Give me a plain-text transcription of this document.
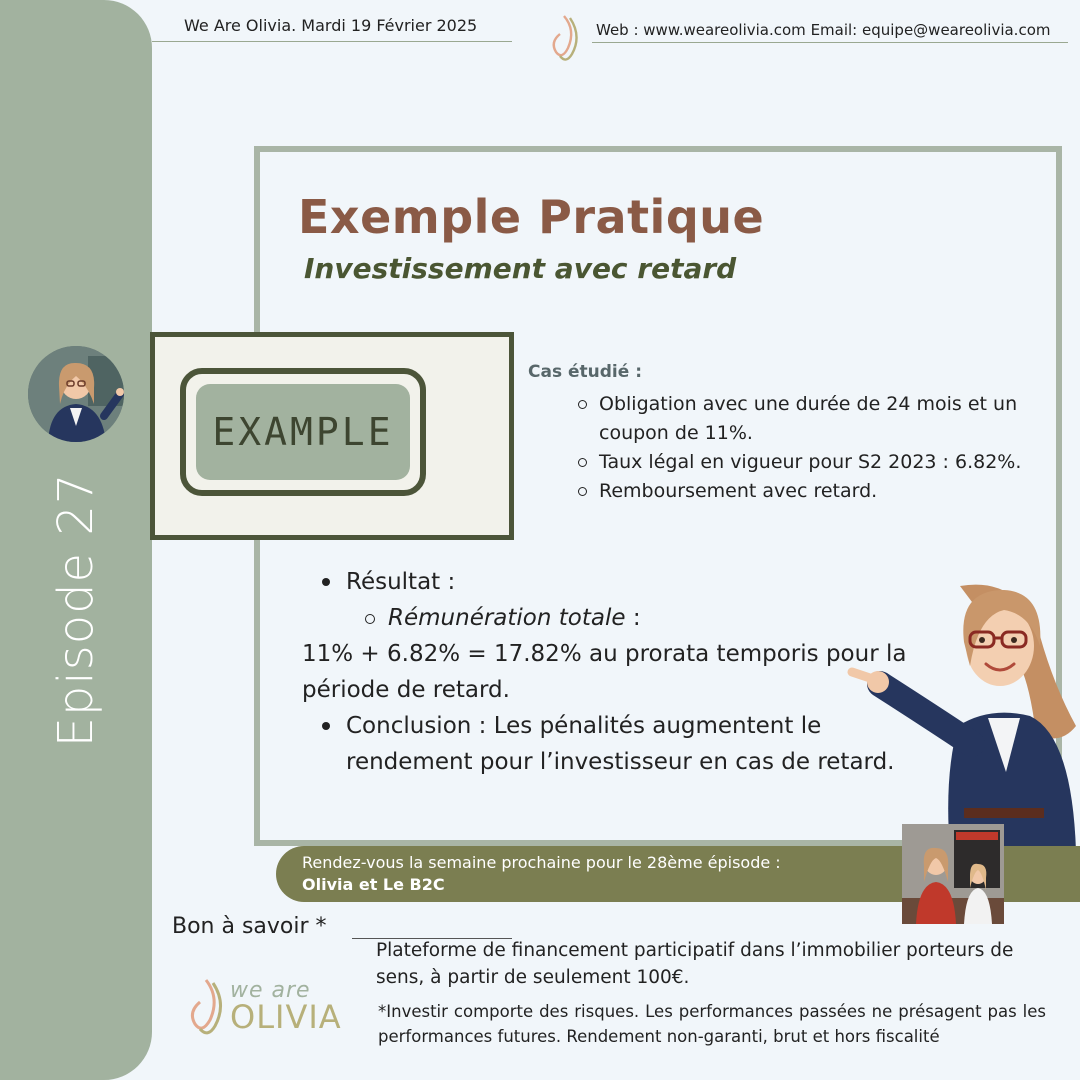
Episode 27
We Are Olivia. Mardi 19 Février 2025	Web : www.weareolivia.com Email: equipe@weareolivia.com
Exemple Pratique
Investissement avec retard
EXAMPLE
Cas étudié :
Obligation avec une durée de 24 mois et un coupon de 11%.
Taux légal en vigueur pour S2 2023 : 6.82%.
Remboursement avec retard.
Résultat :
Rémunération totale :
11% + 6.82% = 17.82% au prorata temporis pour la période de retard.
Conclusion : Les pénalités augmentent le rendement pour l’investisseur en cas de retard.
Rendez-vous la semaine prochaine pour le 28ème épisode :
Olivia et Le B2C
Bon à savoir *
Plateforme de financement participatif dans l’immobilier porteurs de sens, à partir de seulement 100€.
*Investir comporte des risques. Les performances passées ne présagent pas les performances futures. Rendement non-garanti, brut et hors fiscalité
we are
OLIVIA
